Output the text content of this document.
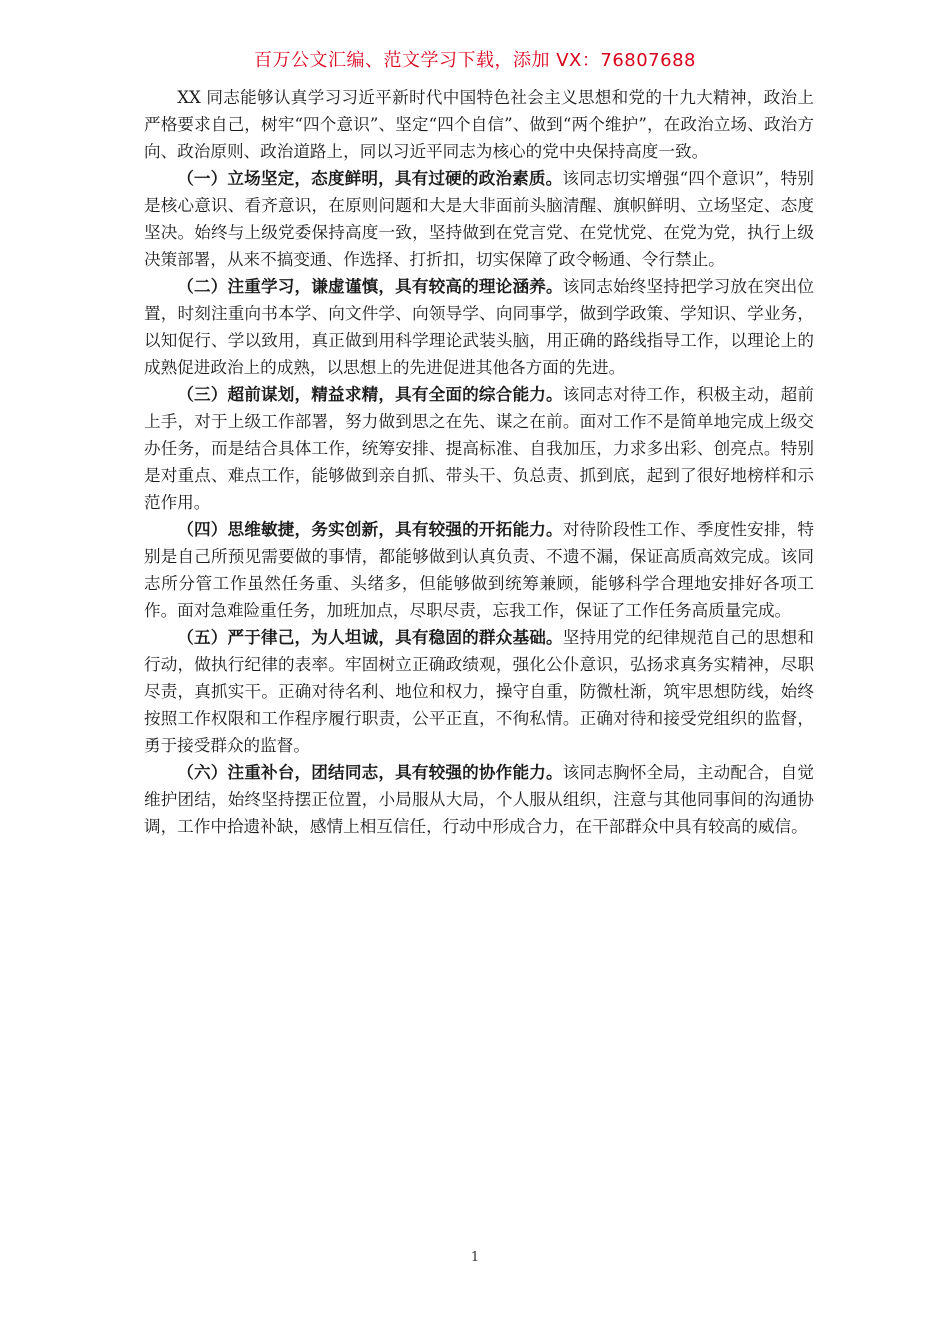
百万公文汇编、范文学习下载，添加 VX：76807688

XX 同志能够认真学习习近平新时代中国特色社会主义思想和党的十九大精神，政治上严格要求自己，树牢“四个意识”、坚定“四个自信”、做到“两个维护”，在政治立场、政治方向、政治原则、政治道路上，同以习近平同志为核心的党中央保持高度一致。

（一）立场坚定，态度鲜明，具有过硬的政治素质。该同志切实增强“四个意识”，特别是核心意识、看齐意识，在原则问题和大是大非面前头脑清醒、旗帜鲜明、立场坚定、态度坚决。始终与上级党委保持高度一致，坚持做到在党言党、在党忧党、在党为党，执行上级决策部署，从来不搞变通、作选择、打折扣，切实保障了政令畅通、令行禁止。

（二）注重学习，谦虚谨慎，具有较高的理论涵养。该同志始终坚持把学习放在突出位置，时刻注重向书本学、向文件学、向领导学、向同事学，做到学政策、学知识、学业务，以知促行、学以致用，真正做到用科学理论武装头脑，用正确的路线指导工作，以理论上的成熟促进政治上的成熟，以思想上的先进促进其他各方面的先进。

（三）超前谋划，精益求精，具有全面的综合能力。该同志对待工作，积极主动，超前上手，对于上级工作部署，努力做到思之在先、谋之在前。面对工作不是简单地完成上级交办任务，而是结合具体工作，统筹安排、提高标准、自我加压，力求多出彩、创亮点。特别是对重点、难点工作，能够做到亲自抓、带头干、负总责、抓到底，起到了很好地榜样和示范作用。

（四）思维敏捷，务实创新，具有较强的开拓能力。对待阶段性工作、季度性安排，特别是自己所预见需要做的事情，都能够做到认真负责、不遗不漏，保证高质高效完成。该同志所分管工作虽然任务重、头绪多，但能够做到统筹兼顾，能够科学合理地安排好各项工作。面对急难险重任务，加班加点，尽职尽责，忘我工作，保证了工作任务高质量完成。

（五）严于律己，为人坦诚，具有稳固的群众基础。坚持用党的纪律规范自己的思想和行动，做执行纪律的表率。牢固树立正确政绩观，强化公仆意识，弘扬求真务实精神，尽职尽责，真抓实干。正确对待名利、地位和权力，操守自重，防微杜渐，筑牢思想防线，始终按照工作权限和工作程序履行职责，公平正直，不徇私情。正确对待和接受党组织的监督，勇于接受群众的监督。

（六）注重补台，团结同志，具有较强的协作能力。该同志胸怀全局，主动配合，自觉维护团结，始终坚持摆正位置，小局服从大局，个人服从组织，注意与其他同事间的沟通协调，工作中拾遗补缺，感情上相互信任，行动中形成合力，在干部群众中具有较高的威信。

1
